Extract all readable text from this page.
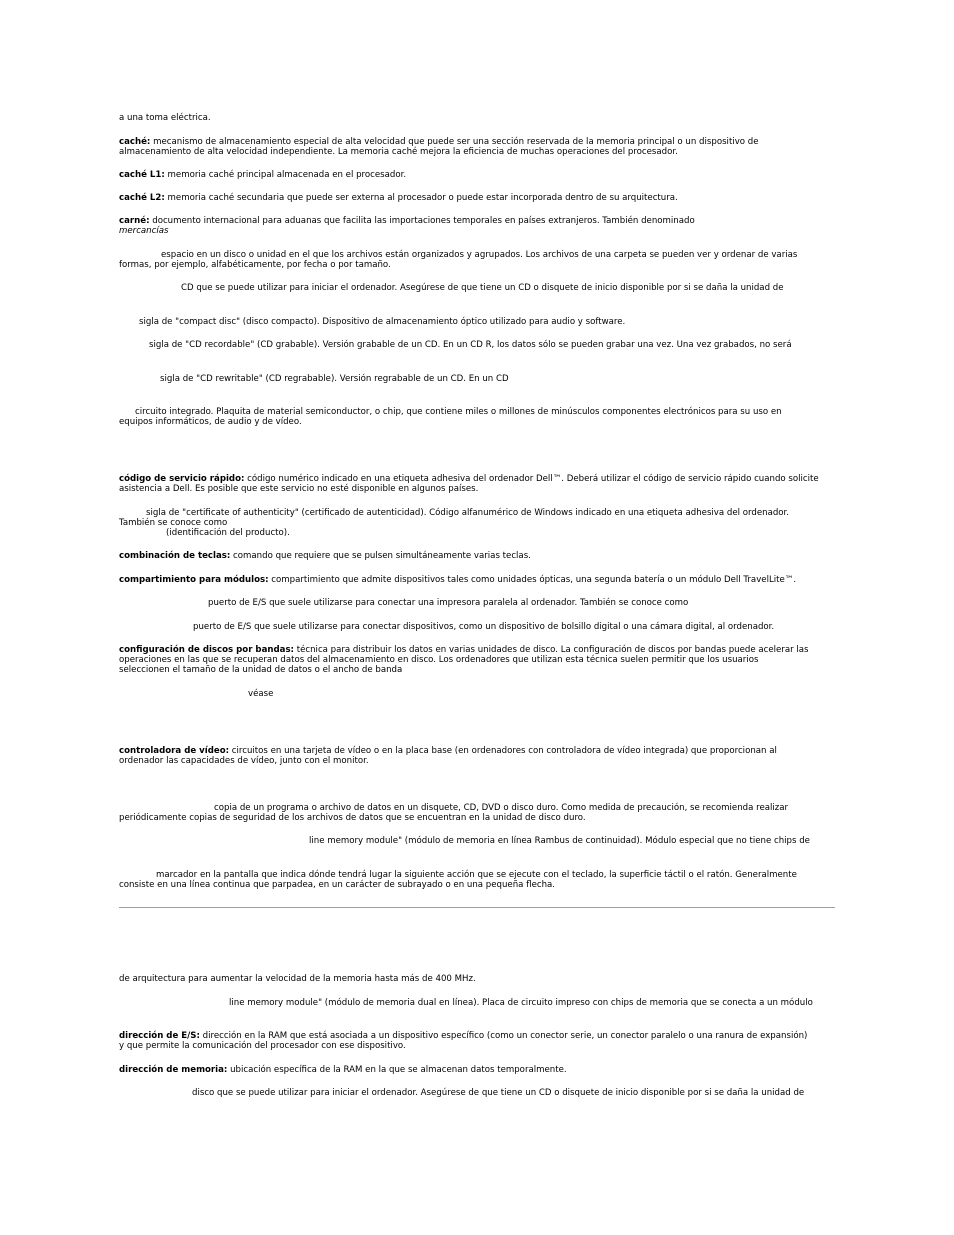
a una toma eléctrica.
caché: mecanismo de almacenamiento especial de alta velocidad que puede ser una sección reservada de la memoria principal o un dispositivo de
almacenamiento de alta velocidad independiente. La memoria caché mejora la eficiencia de muchas operaciones del procesador.
caché L1: memoria caché principal almacenada en el procesador.
caché L2: memoria caché secundaria que puede ser externa al procesador o puede estar incorporada dentro de su arquitectura.
carné: documento internacional para aduanas que facilita las importaciones temporales en países extranjeros. También denominado
mercancías
espacio en un disco o unidad en el que los archivos están organizados y agrupados. Los archivos de una carpeta se pueden ver y ordenar de varias
formas, por ejemplo, alfabéticamente, por fecha o por tamaño.
CD que se puede utilizar para iniciar el ordenador. Asegúrese de que tiene un CD o disquete de inicio disponible por si se daña la unidad de
sigla de "compact disc" (disco compacto). Dispositivo de almacenamiento óptico utilizado para audio y software.
sigla de "CD recordable" (CD grabable). Versión grabable de un CD. En un CD R, los datos sólo se pueden grabar una vez. Una vez grabados, no será
sigla de "CD rewritable" (CD regrabable). Versión regrabable de un CD. En un CD
circuito integrado. Plaquita de material semiconductor, o chip, que contiene miles o millones de minúsculos componentes electrónicos para su uso en
equipos informáticos, de audio y de vídeo.
código de servicio rápido: código numérico indicado en una etiqueta adhesiva del ordenador Dell™. Deberá utilizar el código de servicio rápido cuando solicite
asistencia a Dell. Es posible que este servicio no esté disponible en algunos países.
sigla de "certificate of authenticity" (certificado de autenticidad). Código alfanumérico de Windows indicado en una etiqueta adhesiva del ordenador.
También se conoce como
(identificación del producto).
combinación de teclas: comando que requiere que se pulsen simultáneamente varias teclas.
compartimiento para módulos: compartimiento que admite dispositivos tales como unidades ópticas, una segunda batería o un módulo Dell TravelLite™.
puerto de E/S que suele utilizarse para conectar una impresora paralela al ordenador. También se conoce como
puerto de E/S que suele utilizarse para conectar dispositivos, como un dispositivo de bolsillo digital o una cámara digital, al ordenador.
configuración de discos por bandas: técnica para distribuir los datos en varias unidades de disco. La configuración de discos por bandas puede acelerar las
operaciones en las que se recuperan datos del almacenamiento en disco. Los ordenadores que utilizan esta técnica suelen permitir que los usuarios
seleccionen el tamaño de la unidad de datos o el ancho de banda
véase
controladora de vídeo: circuitos en una tarjeta de vídeo o en la placa base (en ordenadores con controladora de vídeo integrada) que proporcionan al
ordenador las capacidades de vídeo, junto con el monitor.
copia de un programa o archivo de datos en un disquete, CD, DVD o disco duro. Como medida de precaución, se recomienda realizar
periódicamente copias de seguridad de los archivos de datos que se encuentran en la unidad de disco duro.
line memory module" (módulo de memoria en línea Rambus de continuidad). Módulo especial que no tiene chips de
marcador en la pantalla que indica dónde tendrá lugar la siguiente acción que se ejecute con el teclado, la superficie táctil o el ratón. Generalmente
consiste en una línea continua que parpadea, en un carácter de subrayado o en una pequeña flecha.
de arquitectura para aumentar la velocidad de la memoria hasta más de 400 MHz.
line memory module" (módulo de memoria dual en línea). Placa de circuito impreso con chips de memoria que se conecta a un módulo
dirección de E/S: dirección en la RAM que está asociada a un dispositivo específico (como un conector serie, un conector paralelo o una ranura de expansión)
y que permite la comunicación del procesador con ese dispositivo.
dirección de memoria: ubicación específica de la RAM en la que se almacenan datos temporalmente.
disco que se puede utilizar para iniciar el ordenador. Asegúrese de que tiene un CD o disquete de inicio disponible por si se daña la unidad de
